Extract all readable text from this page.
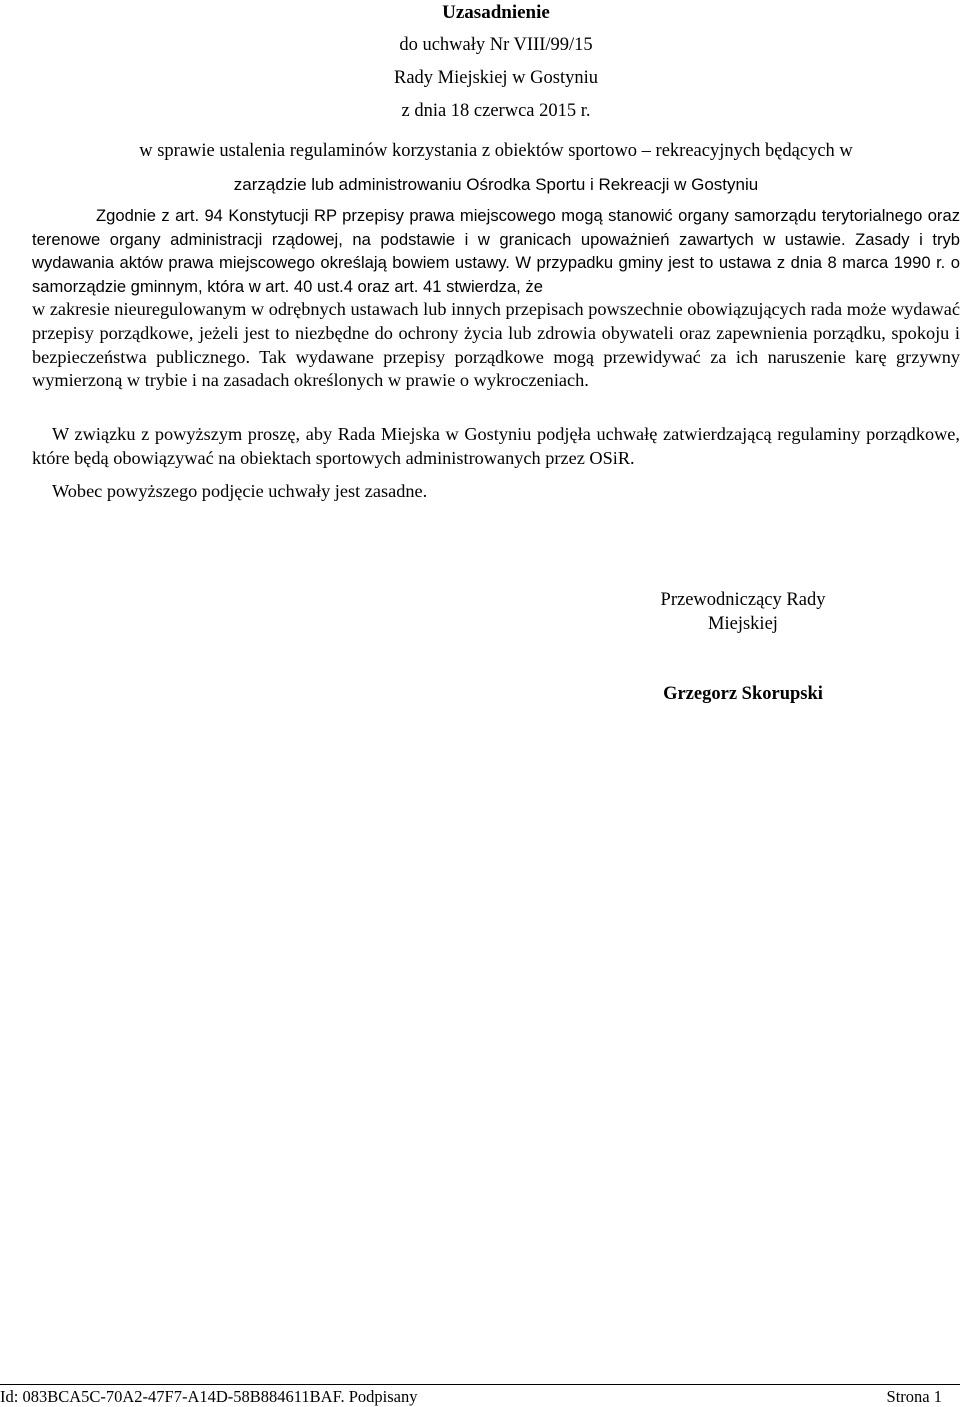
Uzasadnienie
do uchwały Nr VIII/99/15
Rady Miejskiej w Gostyniu
z dnia 18 czerwca 2015 r.
w sprawie ustalenia regulaminów korzystania z obiektów sportowo – rekreacyjnych będących w
zarządzie lub administrowaniu Ośrodka Sportu i Rekreacji w Gostyniu
Zgodnie z art. 94 Konstytucji RP przepisy prawa miejscowego mogą stanowić organy samorządu terytorialnego oraz terenowe organy administracji rządowej, na podstawie i w granicach upoważnień zawartych w ustawie. Zasady i tryb wydawania aktów prawa miejscowego określają bowiem ustawy. W przypadku gminy jest to ustawa z dnia 8 marca 1990 r. o samorządzie gminnym, która w art. 40 ust.4 oraz art. 41 stwierdza, że
w zakresie nieuregulowanym w odrębnych ustawach lub innych przepisach powszechnie obowiązujących rada może wydawać przepisy porządkowe, jeżeli jest to niezbędne do ochrony życia lub zdrowia obywateli oraz zapewnienia porządku, spokoju i bezpieczeństwa publicznego. Tak wydawane przepisy porządkowe mogą przewidywać za ich naruszenie karę grzywny wymierzoną w trybie i na zasadach określonych w prawie o wykroczeniach.
W związku z powyższym proszę, aby Rada Miejska w Gostyniu podjęła uchwałę zatwierdzającą regulaminy porządkowe, które będą obowiązywać na obiektach sportowych administrowanych przez OSiR.
Wobec powyższego podjęcie uchwały jest zasadne.
Przewodniczący Rady
Miejskiej
Grzegorz Skorupski
Id: 083BCA5C-70A2-47F7-A14D-58B884611BAF. Podpisany	Strona 1
